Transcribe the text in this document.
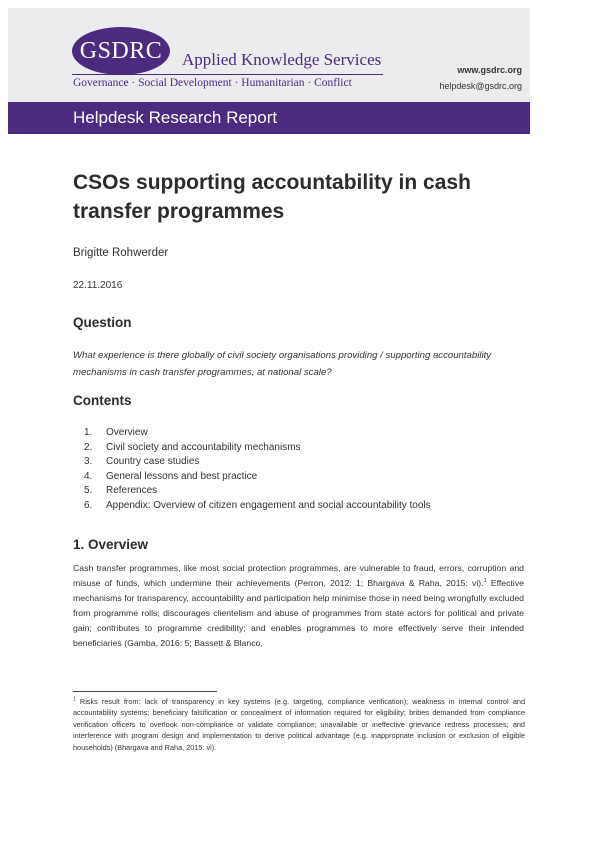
GSDRC	Applied Knowledge Services
Governance · Social Development · Humanitarian · Conflict
www.gsdrc.org
helpdesk@gsdrc.org
Helpdesk Research Report
CSOs supporting accountability in cash transfer programmes
Brigitte Rohwerder
22.11.2016
Question

What experience is there globally of civil society organisations providing / supporting accountability mechanisms in cash transfer programmes, at national scale?

Contents
1. Overview
2. Civil society and accountability mechanisms
3. Country case studies
4. General lessons and best practice
5. References
6. Appendix: Overview of citizen engagement and social accountability tools
1. Overview

Cash transfer programmes, like most social protection programmes, are vulnerable to fraud, errors, corruption and misuse of funds, which undermine their achievements (Perron, 2012: 1; Bhargava & Raha, 2015: vi).$^1$ Effective mechanisms for transparency, accountability and participation help minimise those in need being wrongfully excluded from programme rolls; discourages clientelism and abuse of programmes from state actors for political and private gain; contributes to programme credibility; and enables programmes to more effectively serve their intended beneficiaries (Gamba, 2016: 5; Bassett & Blanco,

$^1$ Risks result from: lack of transparency in key systems (e.g. targeting, compliance verification); weakness in internal control and accountability systems; beneficiary falsification or concealment of information required for eligibility; bribes demanded from compliance verification officers to overlook non-compliance or validate compliance; unavailable or ineffective grievance redress processes; and interference with program design and implementation to derive political advantage (e.g. inappropriate inclusion or exclusion of eligible households) (Bhargava and Raha, 2015: vi).
